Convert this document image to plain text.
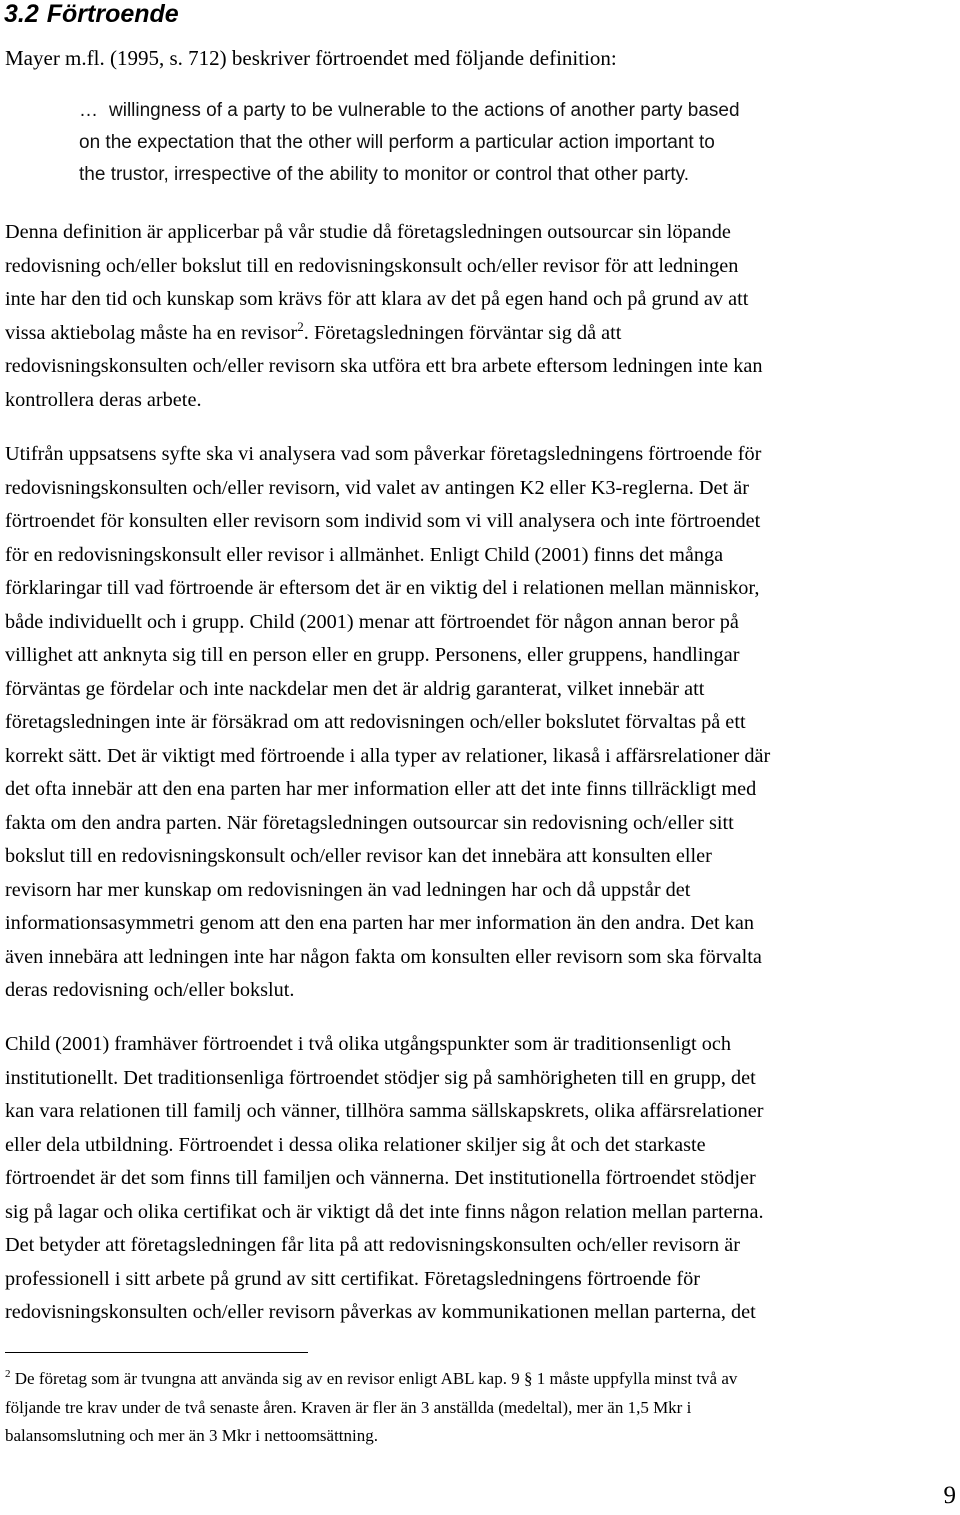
3.2 Förtroende

Mayer m.fl. (1995, s. 712) beskriver förtroendet med följande definition:

… willingness of a party to be vulnerable to the actions of another party based
on the expectation that the other will perform a particular action important to
the trustor, irrespective of the ability to monitor or control that other party.

Denna definition är applicerbar på vår studie då företagsledningen outsourcar sin löpande
redovisning och/eller bokslut till en redovisningskonsult och/eller revisor för att ledningen
inte har den tid och kunskap som krävs för att klara av det på egen hand och på grund av att
vissa aktiebolag måste ha en revisor$^2$. Företagsledningen förväntar sig då att
redovisningskonsulten och/eller revisorn ska utföra ett bra arbete eftersom ledningen inte kan
kontrollera deras arbete.

Utifrån uppsatsens syfte ska vi analysera vad som påverkar företagsledningens förtroende för
redovisningskonsulten och/eller revisorn, vid valet av antingen K2 eller K3-reglerna. Det är
förtroendet för konsulten eller revisorn som individ som vi vill analysera och inte förtroendet
för en redovisningskonsult eller revisor i allmänhet. Enligt Child (2001) finns det många
förklaringar till vad förtroende är eftersom det är en viktig del i relationen mellan människor,
både individuellt och i grupp. Child (2001) menar att förtroendet för någon annan beror på
villighet att anknyta sig till en person eller en grupp. Personens, eller gruppens, handlingar
förväntas ge fördelar och inte nackdelar men det är aldrig garanterat, vilket innebär att
företagsledningen inte är försäkrad om att redovisningen och/eller bokslutet förvaltas på ett
korrekt sätt. Det är viktigt med förtroende i alla typer av relationer, likaså i affärsrelationer där
det ofta innebär att den ena parten har mer information eller att det inte finns tillräckligt med
fakta om den andra parten. När företagsledningen outsourcar sin redovisning och/eller sitt
bokslut till en redovisningskonsult och/eller revisor kan det innebära att konsulten eller
revisorn har mer kunskap om redovisningen än vad ledningen har och då uppstår det
informationsasymmetri genom att den ena parten har mer information än den andra. Det kan
även innebära att ledningen inte har någon fakta om konsulten eller revisorn som ska förvalta
deras redovisning och/eller bokslut.

Child (2001) framhäver förtroendet i två olika utgångspunkter som är traditionsenligt och
institutionellt. Det traditionsenliga förtroendet stödjer sig på samhörigheten till en grupp, det
kan vara relationen till familj och vänner, tillhöra samma sällskapskrets, olika affärsrelationer
eller dela utbildning. Förtroendet i dessa olika relationer skiljer sig åt och det starkaste
förtroendet är det som finns till familjen och vännerna. Det institutionella förtroendet stödjer
sig på lagar och olika certifikat och är viktigt då det inte finns någon relation mellan parterna.
Det betyder att företagsledningen får lita på att redovisningskonsulten och/eller revisorn är
professionell i sitt arbete på grund av sitt certifikat. Företagsledningens förtroende för
redovisningskonsulten och/eller revisorn påverkas av kommunikationen mellan parterna, det

$^2$ De företag som är tvungna att använda sig av en revisor enligt ABL kap. 9 § 1 måste uppfylla minst två av
följande tre krav under de två senaste åren. Kraven är fler än 3 anställda (medeltal), mer än 1,5 Mkr i
balansomslutning och mer än 3 Mkr i nettoomsättning.

9
